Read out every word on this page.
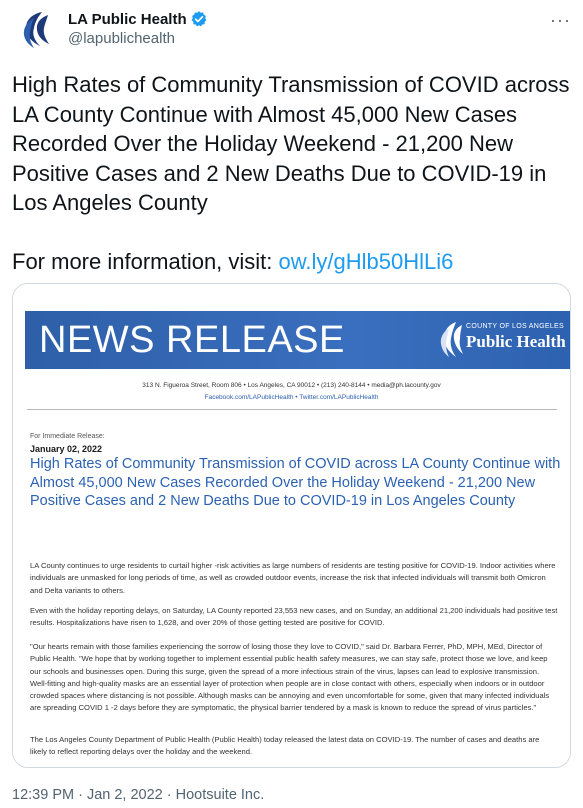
LA Public Health
@lapublichealth
···

High Rates of Community Transmission of COVID across LA County Continue with Almost 45,000 New Cases Recorded Over the Holiday Weekend - 21,200 New Positive Cases and 2 New Deaths Due to COVID-19 in Los Angeles County

For more information, visit: ow.ly/gHlb50HlLi6

NEWS RELEASE	COUNTY OF LOS ANGELES
Public Health
313 N. Figueroa Street, Room 806 • Los Angeles, CA 90012 • (213) 240-8144 • media@ph.lacounty.gov
Facebook.com/LAPublicHealth • Twitter.com/LAPublicHealth
For Immediate Release:
January 02, 2022
High Rates of Community Transmission of COVID across LA County Continue with Almost 45,000 New Cases Recorded Over the Holiday Weekend - 21,200 New Positive Cases and 2 New Deaths Due to COVID-19 in Los Angeles County
LA County continues to urge residents to curtail higher -risk activities as large numbers of residents are testing positive for COVID-19. Indoor activities where individuals are unmasked for long periods of time, as well as crowded outdoor events, increase the risk that infected individuals will transmit both Omicron and Delta variants to others.
Even with the holiday reporting delays, on Saturday, LA County reported 23,553 new cases, and on Sunday, an additional 21,200 individuals had positive test results. Hospitalizations have risen to 1,628, and over 20% of those getting tested are positive for COVID.
"Our hearts remain with those families experiencing the sorrow of losing those they love to COVID," said Dr. Barbara Ferrer, PhD, MPH, MEd, Director of Public Health. "We hope that by working together to implement essential public health safety measures, we can stay safe, protect those we love, and keep our schools and businesses open. During this surge, given the spread of a more infectious strain of the virus, lapses can lead to explosive transmission. Well-fitting and high-quality masks are an essential layer of protection when people are in close contact with others, especially when indoors or in outdoor crowded spaces where distancing is not possible. Although masks can be annoying and even uncomfortable for some, given that many infected individuals are spreading COVID 1 -2 days before they are symptomatic, the physical barrier tendered by a mask is known to reduce the spread of virus particles."
The Los Angeles County Department of Public Health (Public Health) today released the latest data on COVID-19. The number of cases and deaths are likely to reflect reporting delays over the holiday and the weekend.
12:39 PM · Jan 2, 2022 · Hootsuite Inc.
